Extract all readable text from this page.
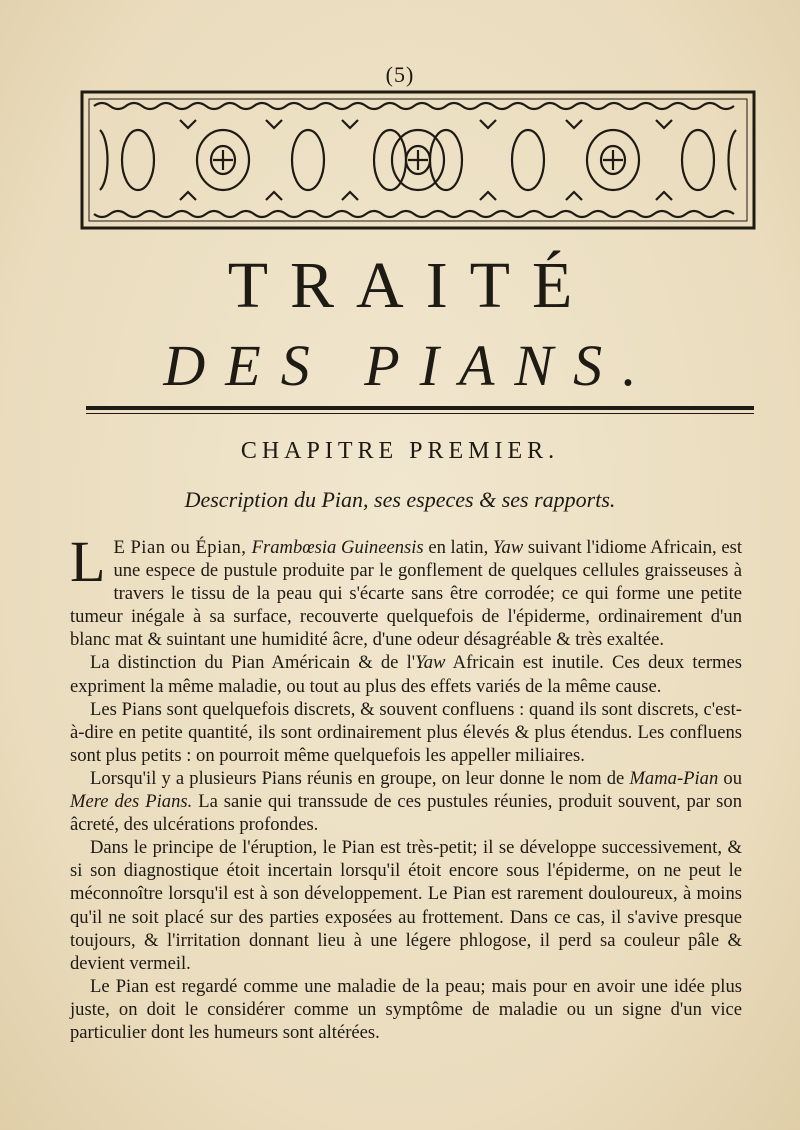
(5)
TRAITÉ
DES PIANS.
CHAPITRE PREMIER.
Description du Pian, ses especes & ses rapports.

L E Pian ou Épian, Frambœsia Guineensis en latin, Yaw suivant l'idiome Africain, est une espece de pustule produite par le gonflement de quelques cellules graisseuses à travers le tissu de la peau qui s'écarte sans être corrodée; ce qui forme une petite tumeur inégale à sa surface, recouverte quelquefois de l'épiderme, ordinairement d'un blanc mat & suintant une humidité âcre, d'une odeur désagréable & très exaltée.

La distinction du Pian Américain & de l'Yaw Africain est inutile. Ces deux termes expriment la même maladie, ou tout au plus des effets variés de la même cause.

Les Pians sont quelquefois discrets, & souvent confluens : quand ils sont discrets, c'est-à-dire en petite quantité, ils sont ordinairement plus élevés & plus étendus. Les confluens sont plus petits : on pourroit même quelquefois les appeller miliaires.

Lorsqu'il y a plusieurs Pians réunis en groupe, on leur donne le nom de Mama-Pian ou Mere des Pians. La sanie qui transsude de ces pustules réunies, produit souvent, par son âcreté, des ulcérations profondes.

Dans le principe de l'éruption, le Pian est très-petit; il se développe successivement, & si son diagnostique étoit incertain lorsqu'il étoit encore sous l'épiderme, on ne peut le méconnoître lorsqu'il est à son développement. Le Pian est rarement douloureux, à moins qu'il ne soit placé sur des parties exposées au frottement. Dans ce cas, il s'avive presque toujours, & l'irritation donnant lieu à une légere phlogose, il perd sa couleur pâle & devient vermeil.

Le Pian est regardé comme une maladie de la peau; mais pour en avoir une idée plus juste, on doit le considérer comme un symptôme de maladie ou un signe d'un vice particulier dont les humeurs sont altérées.
